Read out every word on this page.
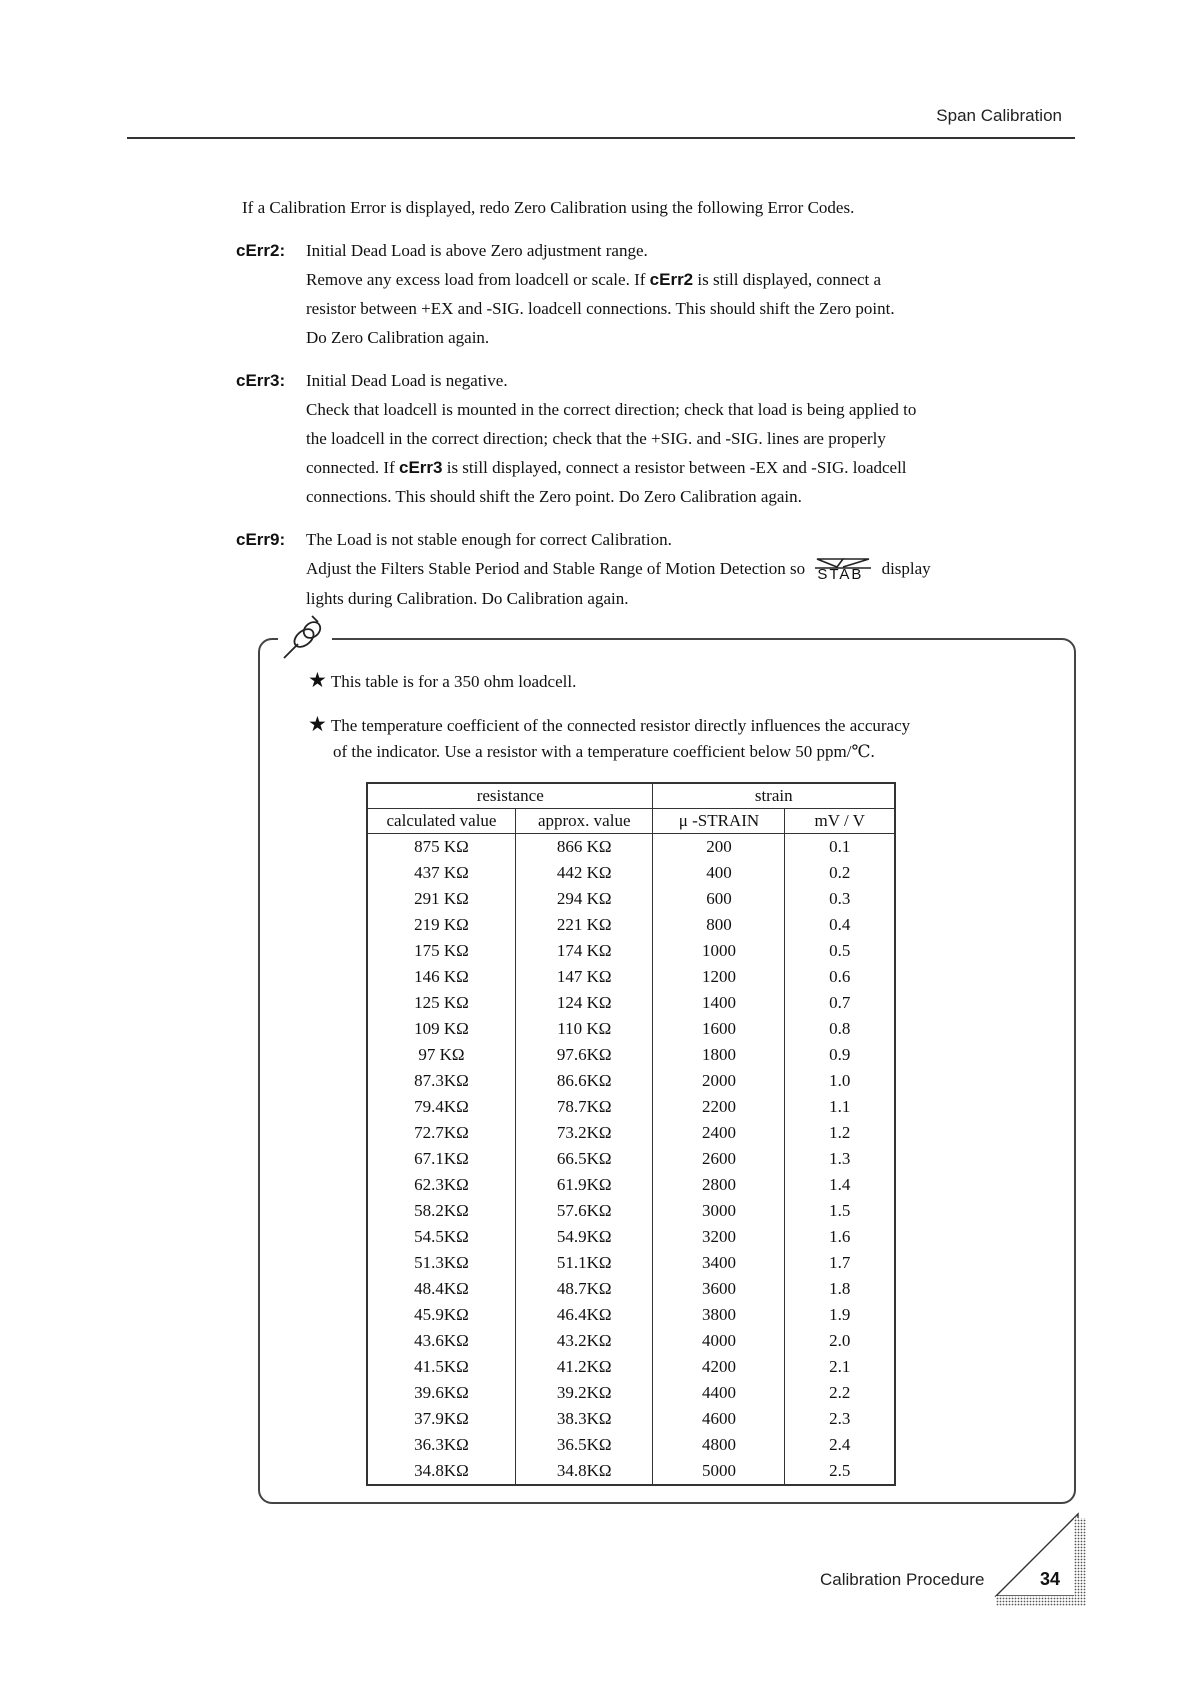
Span Calibration
If a Calibration Error is displayed, redo Zero Calibration using the following Error Codes.
cErr2: Initial Dead Load is above Zero adjustment range.

Remove any excess load from loadcell or scale. If cErr2 is still displayed, connect a

resistor between +EX and -SIG. loadcell connections. This should shift the Zero point.

Do Zero Calibration again.

cErr3: Initial Dead Load is negative.

Check that loadcell is mounted in the correct direction; check that load is being applied to

the loadcell in the correct direction; check that the +SIG. and -SIG. lines are properly

connected. If cErr3 is still displayed, connect a resistor between -EX and -SIG. loadcell

connections. This should shift the Zero point. Do Zero Calibration again.

cErr9: The Load is not stable enough for correct Calibration.

Adjust the Filters Stable Period and Stable Range of Motion Detection so STAB display

lights during Calibration. Do Calibration again.

★ This table is for a 350 ohm loadcell.
★ The temperature coefficient of the connected resistor directly influences the accuracy
of the indicator. Use a resistor with a temperature coefficient below 50 ppm/℃.
resistance		strain	
calculated value	approx. value	μ -STRAIN	mV / V
875 KΩ	866 KΩ	200	0.1
437 KΩ	442 KΩ	400	0.2
291 KΩ	294 KΩ	600	0.3
219 KΩ	221 KΩ	800	0.4
175 KΩ	174 KΩ	1000	0.5
146 KΩ	147 KΩ	1200	0.6
125 KΩ	124 KΩ	1400	0.7
109 KΩ	110 KΩ	1600	0.8
97 KΩ	97.6KΩ	1800	0.9
87.3KΩ	86.6KΩ	2000	1.0
79.4KΩ	78.7KΩ	2200	1.1
72.7KΩ	73.2KΩ	2400	1.2
67.1KΩ	66.5KΩ	2600	1.3
62.3KΩ	61.9KΩ	2800	1.4
58.2KΩ	57.6KΩ	3000	1.5
54.5KΩ	54.9KΩ	3200	1.6
51.3KΩ	51.1KΩ	3400	1.7
48.4KΩ	48.7KΩ	3600	1.8
45.9KΩ	46.4KΩ	3800	1.9
43.6KΩ	43.2KΩ	4000	2.0
41.5KΩ	41.2KΩ	4200	2.1
39.6KΩ	39.2KΩ	4400	2.2
37.9KΩ	38.3KΩ	4600	2.3
36.3KΩ	36.5KΩ	4800	2.4
34.8KΩ	34.8KΩ	5000	2.5
Calibration Procedure	34
